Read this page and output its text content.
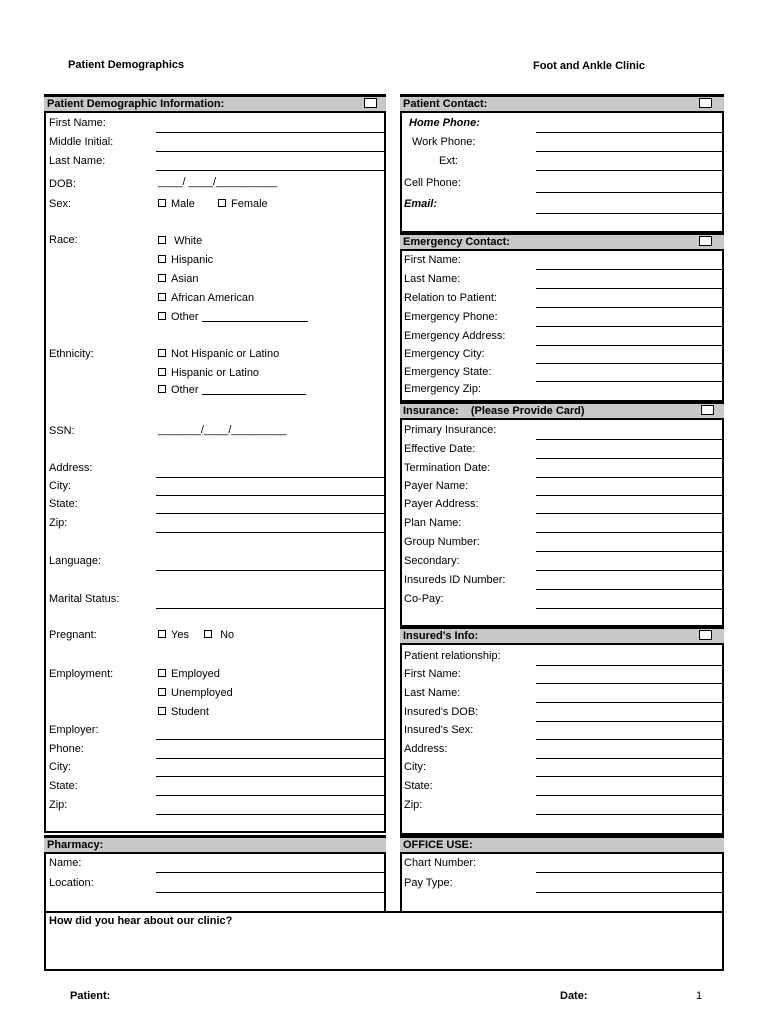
Patient Demographics	Foot and Ankle Clinic
Patient Demographic Information:
First Name:
Middle Initial:
Last Name:
DOB:	____/ ____/__________
Sex:	Male	Female
Race:	White
Hispanic
Asian
African American
Other
Ethnicity:	Not Hispanic or Latino
Hispanic or Latino
Other
SSN:	_______/____/_________
Address:
City:
State:
Zip:
Language:
Marital Status:
Pregnant:	Yes	No
Employment:	Employed
Unemployed
Student
Employer:
Phone:
City:
State:
Zip:
Pharmacy:
Name:
Location:
Patient Contact:
Home Phone:
Work Phone:
Ext:
Cell Phone:
Email:
Emergency Contact:
First Name:
Last Name:
Relation to Patient:
Emergency Phone:
Emergency Address:
Emergency City:
Emergency State:
Emergency Zip:
Insurance:    (Please Provide Card)
Primary Insurance:
Effective Date:
Termination Date:
Payer Name:
Payer Address:
Plan Name:
Group Number:
Secondary:
Insureds ID Number:
Co-Pay:
Insured's Info:
Patient relationship:
First Name:
Last Name:
Insured's DOB:
Insured's Sex:
Address:
City:
State:
Zip:
OFFICE USE:
Chart Number:
Pay Type:
How did you hear about our clinic?
Patient:	Date:	1
